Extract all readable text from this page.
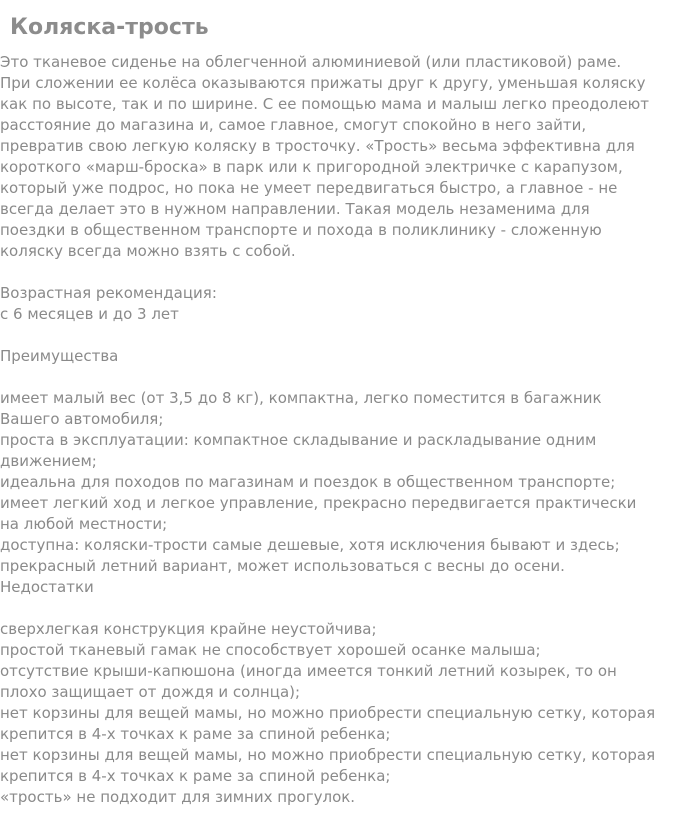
Коляска-трость
Это тканевое сиденье на облегченной алюминиевой (или пластиковой) раме.
При сложении ее колёса оказываются прижаты друг к другу, уменьшая коляску
как по высоте, так и по ширине. С ее помощью мама и малыш легко преодолеют
расстояние до магазина и, самое главное, смогут спокойно в него зайти,
превратив свою легкую коляску в тросточку. «Трость» весьма эффективна для
короткого «марш-броска» в парк или к пригородной электричке с карапузом,
который уже подрос, но пока не умеет передвигаться быстро, а главное - не
всегда делает это в нужном направлении. Такая модель незаменима для
поездки в общественном транспорте и похода в поликлинику - сложенную
коляску всегда можно взять с собой.
Возрастная рекомендация:
с 6 месяцев и до 3 лет
Преимущества
имеет малый вес (от 3,5 до 8 кг), компактна, легко поместится в багажник
Вашего автомобиля;
проста в эксплуатации: компактное складывание и раскладывание одним
движением;
идеальна для походов по магазинам и поездок в общественном транспорте;
имеет легкий ход и легкое управление, прекрасно передвигается практически
на любой местности;
доступна: коляски-трости самые дешевые, хотя исключения бывают и здесь;
прекрасный летний вариант, может использоваться с весны до осени.
Недостатки
сверхлегкая конструкция крайне неустойчива;
простой тканевый гамак не способствует хорошей осанке малыша;
отсутствие крыши-капюшона (иногда имеется тонкий летний козырек, то он
плохо защищает от дождя и солнца);
нет корзины для вещей мамы, но можно приобрести специальную сетку, которая
крепится в 4-х точках к раме за спиной ребенка;
нет корзины для вещей мамы, но можно приобрести специальную сетку, которая
крепится в 4-х точках к раме за спиной ребенка;
«трость» не подходит для зимних прогулок.
